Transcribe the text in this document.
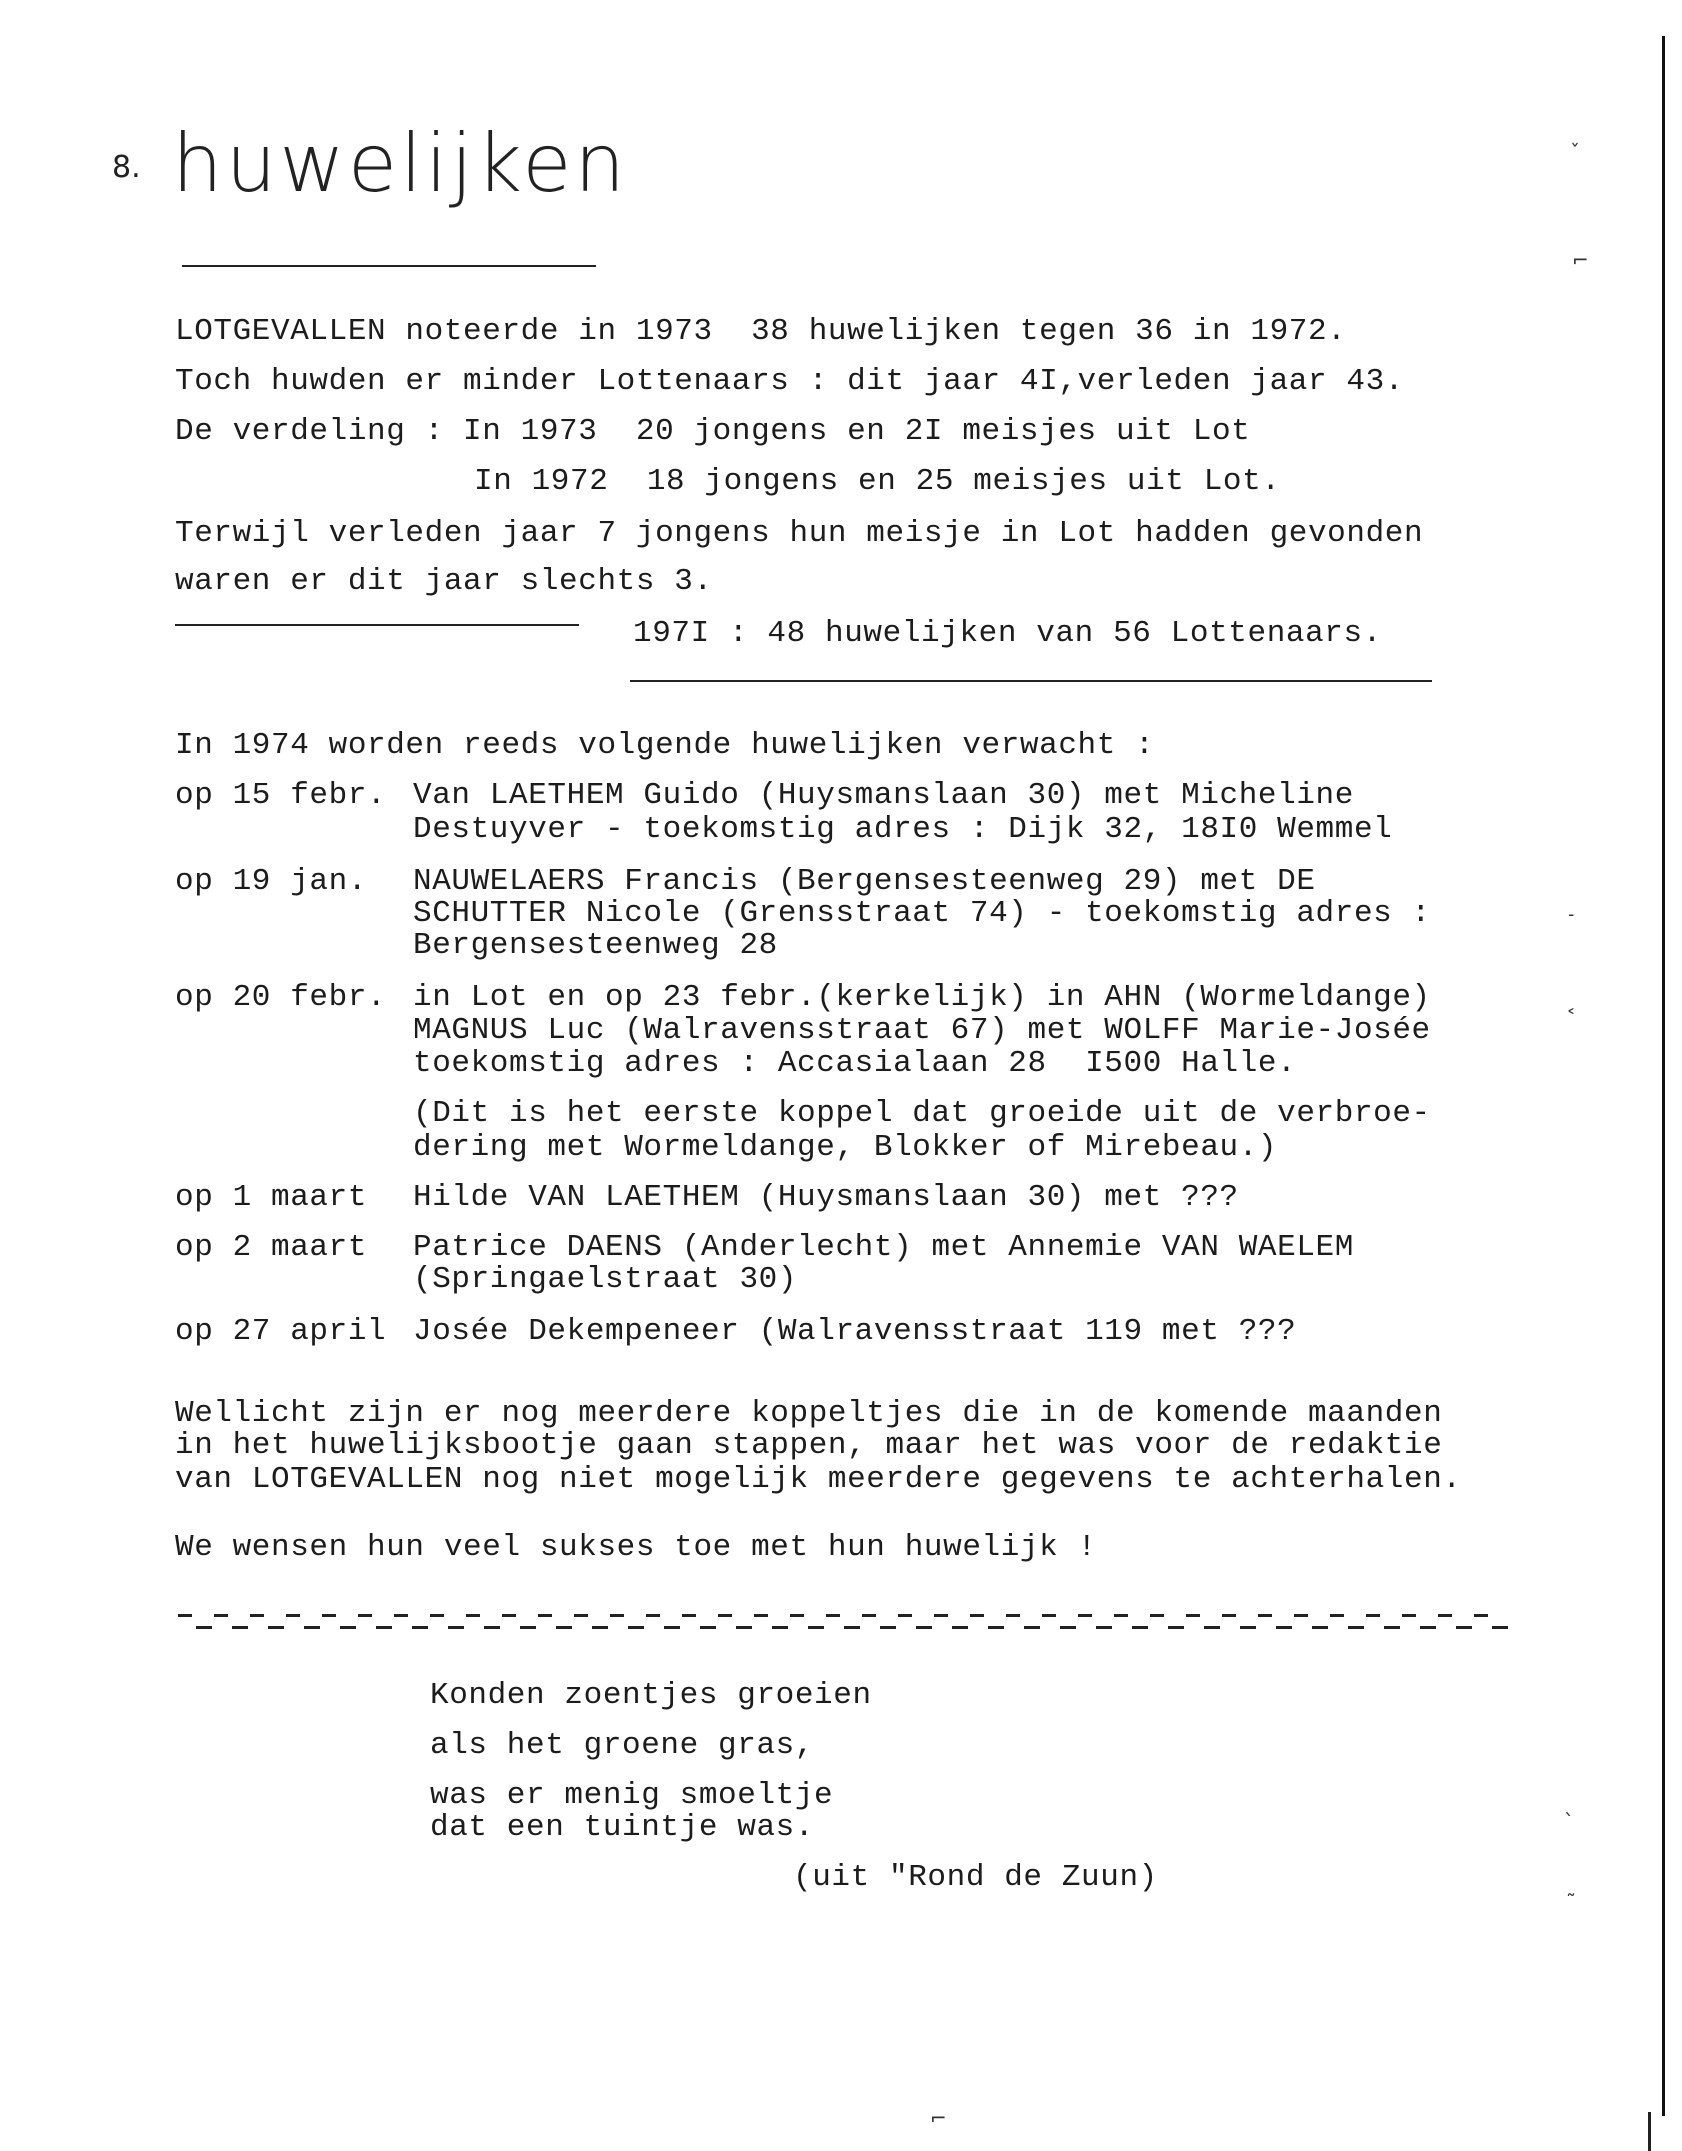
8. huwelijken
LOTGEVALLEN noteerde in 1973  38 huwelijken tegen 36 in 1972.
Toch huwden er minder Lottenaars : dit jaar 4I,verleden jaar 43.
De verdeling : In 1973  20 jongens en 2I meisjes uit Lot
In 1972  18 jongens en 25 meisjes uit Lot.
Terwijl verleden jaar 7 jongens hun meisje in Lot hadden gevonden
waren er dit jaar slechts 3.
197I : 48 huwelijken van 56 Lottenaars.
In 1974 worden reeds volgende huwelijken verwacht :
op 15 febr. Van LAETHEM Guido (Huysmanslaan 30) met Micheline
Destuyver - toekomstig adres : Dijk 32, 18I0 Wemmel
op 19 jan. NAUWELAERS Francis (Bergensesteenweg 29) met DE
SCHUTTER Nicole (Grensstraat 74) - toekomstig adres :
Bergensesteenweg 28
op 20 febr. in Lot en op 23 febr.(kerkelijk) in AHN (Wormeldange)
MAGNUS Luc (Walravensstraat 67) met WOLFF Marie-Josée
toekomstig adres : Accasialaan 28  I500 Halle.
(Dit is het eerste koppel dat groeide uit de verbroe-
dering met Wormeldange, Blokker of Mirebeau.)
op 1 maart Hilde VAN LAETHEM (Huysmanslaan 30) met ???
op 2 maart Patrice DAENS (Anderlecht) met Annemie VAN WAELEM
(Springaelstraat 30)
op 27 april Josée Dekempeneer (Walravensstraat 119 met ???
Wellicht zijn er nog meerdere koppeltjes die in de komende maanden
in het huwelijksbootje gaan stappen, maar het was voor de redaktie
van LOTGEVALLEN nog niet mogelijk meerdere gegevens te achterhalen.
We wensen hun veel sukses toe met hun huwelijk !
Konden zoentjes groeien
als het groene gras,
was er menig smoeltje
dat een tuintje was.
(uit "Rond de Zuun)
ˇ
⌐
˗
˂
ˎ
˜
⌐
